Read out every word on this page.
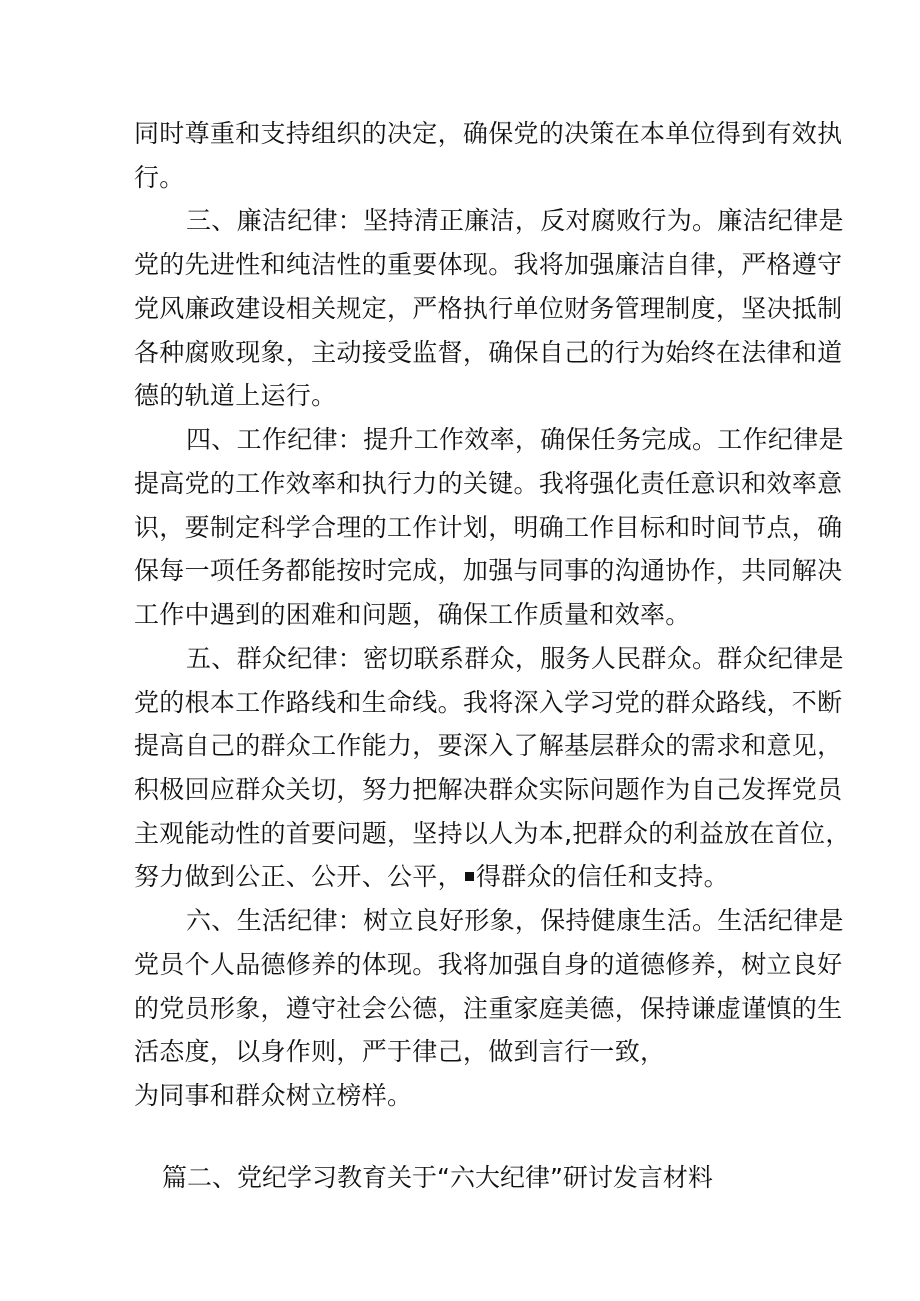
同时尊重和支持组织的决定，确保党的决策在本单位得到有效执
行。
三、廉洁纪律：坚持清正廉洁，反对腐败行为。廉洁纪律是
党的先进性和纯洁性的重要体现。我将加强廉洁自律，严格遵守
党风廉政建设相关规定，严格执行单位财务管理制度，坚决抵制
各种腐败现象，主动接受监督，确保自己的行为始终在法律和道
德的轨道上运行。
四、工作纪律：提升工作效率，确保任务完成。工作纪律是
提高党的工作效率和执行力的关键。我将强化责任意识和效率意
识，要制定科学合理的工作计划，明确工作目标和时间节点，确
保每一项任务都能按时完成，加强与同事的沟通协作，共同解决
工作中遇到的困难和问题，确保工作质量和效率。
五、群众纪律：密切联系群众，服务人民群众。群众纪律是
党的根本工作路线和生命线。我将深入学习党的群众路线，不断
提高自己的群众工作能力，要深入了解基层群众的需求和意见，
积极回应群众关切，努力把解决群众实际问题作为自己发挥党员
主观能动性的首要问题，坚持以人为本,把群众的利益放在首位，
努力做到公正、公开、公平， 得群众的信任和支持。
六、生活纪律：树立良好形象，保持健康生活。生活纪律是
党员个人品德修养的体现。我将加强自身的道德修养，树立良好
的党员形象，遵守社会公德，注重家庭美德，保持谦虚谨慎的生
活态度，以身作则，严于律己，做到言行一致，
为同事和群众树立榜样。
篇二、党纪学习教育关于“六大纪律”研讨发言材料
